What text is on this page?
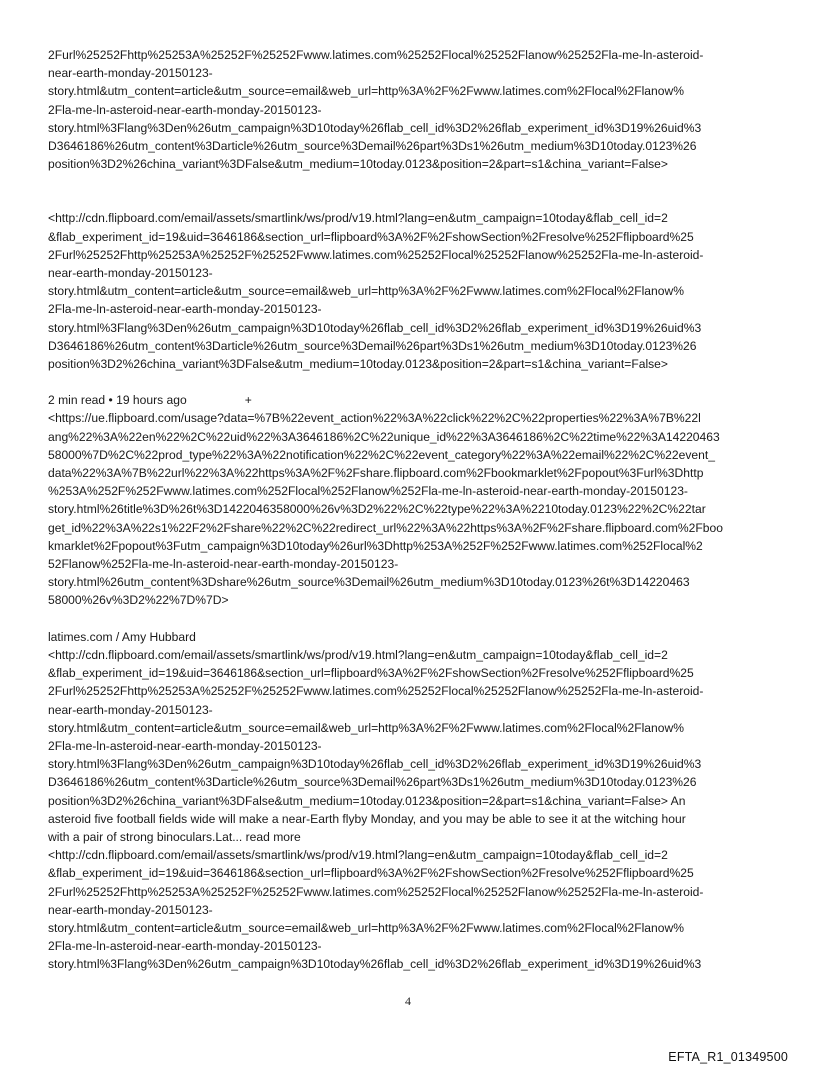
2Furl%25252Fhttp%25253A%25252F%25252Fwww.latimes.com%25252Flocal%25252Flanow%25252Fla-me-ln-asteroid-
near-earth-monday-20150123-
story.html&utm_content=article&utm_source=email&web_url=http%3A%2F%2Fwww.latimes.com%2Flocal%2Flanow%
2Fla-me-ln-asteroid-near-earth-monday-20150123-
story.html%3Flang%3Den%26utm_campaign%3D10today%26flab_cell_id%3D2%26flab_experiment_id%3D19%26uid%3
D3646186%26utm_content%3Darticle%26utm_source%3Demail%26part%3Ds1%26utm_medium%3D10today.0123%26
position%3D2%26china_variant%3DFalse&utm_medium=10today.0123&position=2&part=s1&china_variant=False>
<http://cdn.flipboard.com/email/assets/smartlink/ws/prod/v19.html?lang=en&utm_campaign=10today&flab_cell_id=2
&flab_experiment_id=19&uid=3646186&section_url=flipboard%3A%2F%2FshowSection%2Fresolve%252Fflipboard%25
2Furl%25252Fhttp%25253A%25252F%25252Fwww.latimes.com%25252Flocal%25252Flanow%25252Fla-me-ln-asteroid-
near-earth-monday-20150123-
story.html&utm_content=article&utm_source=email&web_url=http%3A%2F%2Fwww.latimes.com%2Flocal%2Flanow%
2Fla-me-ln-asteroid-near-earth-monday-20150123-
story.html%3Flang%3Den%26utm_campaign%3D10today%26flab_cell_id%3D2%26flab_experiment_id%3D19%26uid%3
D3646186%26utm_content%3Darticle%26utm_source%3Demail%26part%3Ds1%26utm_medium%3D10today.0123%26
position%3D2%26china_variant%3DFalse&utm_medium=10today.0123&position=2&part=s1&china_variant=False>
2 min read • 19 hours ago	+
<https://ue.flipboard.com/usage?data=%7B%22event_action%22%3A%22click%22%2C%22properties%22%3A%7B%22l
ang%22%3A%22en%22%2C%22uid%22%3A3646186%2C%22unique_id%22%3A3646186%2C%22time%22%3A14220463
58000%7D%2C%22prod_type%22%3A%22notification%22%2C%22event_category%22%3A%22email%22%2C%22event_
data%22%3A%7B%22url%22%3A%22https%3A%2F%2Fshare.flipboard.com%2Fbookmarklet%2Fpopout%3Furl%3Dhttp
%253A%252F%252Fwww.latimes.com%252Flocal%252Flanow%252Fla-me-ln-asteroid-near-earth-monday-20150123-
story.html%26title%3D%26t%3D1422046358000%26v%3D2%22%2C%22type%22%3A%2210today.0123%22%2C%22tar
get_id%22%3A%22s1%22F2%2Fshare%22%2C%22redirect_url%22%3A%22https%3A%2F%2Fshare.flipboard.com%2Fboo
kmarklet%2Fpopout%3Futm_campaign%3D10today%26url%3Dhttp%253A%252F%252Fwww.latimes.com%252Flocal%2
52Flanow%252Fla-me-ln-asteroid-near-earth-monday-20150123-
story.html%26utm_content%3Dshare%26utm_source%3Demail%26utm_medium%3D10today.0123%26t%3D14220463
58000%26v%3D2%22%7D%7D>
latimes.com / Amy Hubbard
<http://cdn.flipboard.com/email/assets/smartlink/ws/prod/v19.html?lang=en&utm_campaign=10today&flab_cell_id=2
&flab_experiment_id=19&uid=3646186&section_url=flipboard%3A%2F%2FshowSection%2Fresolve%252Fflipboard%25
2Furl%25252Fhttp%25253A%25252F%25252Fwww.latimes.com%25252Flocal%25252Flanow%25252Fla-me-ln-asteroid-
near-earth-monday-20150123-
story.html&utm_content=article&utm_source=email&web_url=http%3A%2F%2Fwww.latimes.com%2Flocal%2Flanow%
2Fla-me-ln-asteroid-near-earth-monday-20150123-
story.html%3Flang%3Den%26utm_campaign%3D10today%26flab_cell_id%3D2%26flab_experiment_id%3D19%26uid%3
D3646186%26utm_content%3Darticle%26utm_source%3Demail%26part%3Ds1%26utm_medium%3D10today.0123%26
position%3D2%26china_variant%3DFalse&utm_medium=10today.0123&position=2&part=s1&china_variant=False> An
asteroid five football fields wide will make a near-Earth flyby Monday, and you may be able to see it at the witching hour
with a pair of strong binoculars.Lat... read more
<http://cdn.flipboard.com/email/assets/smartlink/ws/prod/v19.html?lang=en&utm_campaign=10today&flab_cell_id=2
&flab_experiment_id=19&uid=3646186&section_url=flipboard%3A%2F%2FshowSection%2Fresolve%252Fflipboard%25
2Furl%25252Fhttp%25253A%25252F%25252Fwww.latimes.com%25252Flocal%25252Flanow%25252Fla-me-ln-asteroid-
near-earth-monday-20150123-
story.html&utm_content=article&utm_source=email&web_url=http%3A%2F%2Fwww.latimes.com%2Flocal%2Flanow%
2Fla-me-ln-asteroid-near-earth-monday-20150123-
story.html%3Flang%3Den%26utm_campaign%3D10today%26flab_cell_id%3D2%26flab_experiment_id%3D19%26uid%3
4
EFTA_R1_01349500
